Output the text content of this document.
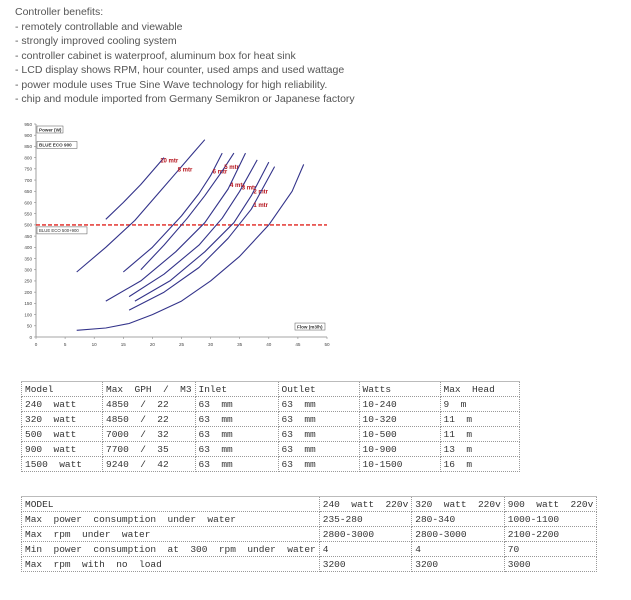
Controller benefits:
- remotely controllable and viewable
- strongly improved cooling system
- controller cabinet is waterproof, aluminum box for heat sink
- LCD display shows RPM, hour counter, used amps and used wattage
- power module uses True Sine Wave technology for high reliability.
- chip and module imported from Germany Semikron or Japanese factory
0
50
100
150
200
250
300
350
400
450
500
550
600
650
700
750
800
850
900
950
0	5	10	15	20	25	30	35	40	45	50
Power (W)
Flow (m3/h)
BLUE ECO 900
BLUE ECO 500+900
10 mtr
8 mtr	6 mtr
5 mtr
4 mtr
3 mtr
2 mtr
1 mtr
Model	Max  GPH  /  M3	Inlet	Outlet	Watts	Max  Head
240  watt	4850  /  22	63  mm	63  mm	10-240	9  m
320  watt	4850  /  22	63  mm	63  mm	10-320	11  m
500  watt	7000  /  32	63  mm	63  mm	10-500	11  m
900  watt	7700  /  35	63  mm	63  mm	10-900	13  m
1500  watt	9240  /  42	63  mm	63  mm	10-1500	16  m
MODEL	240  watt  220v	320  watt  220v	900  watt  220v
Max  power  consumption  under  water	235-280	280-340	1000-1100
Max  rpm  under  water	2800-3000	2800-3000	2100-2200
Min  power  consumption  at  300  rpm  under  water	4	4	70
Max  rpm  with  no  load	3200	3200	3000
